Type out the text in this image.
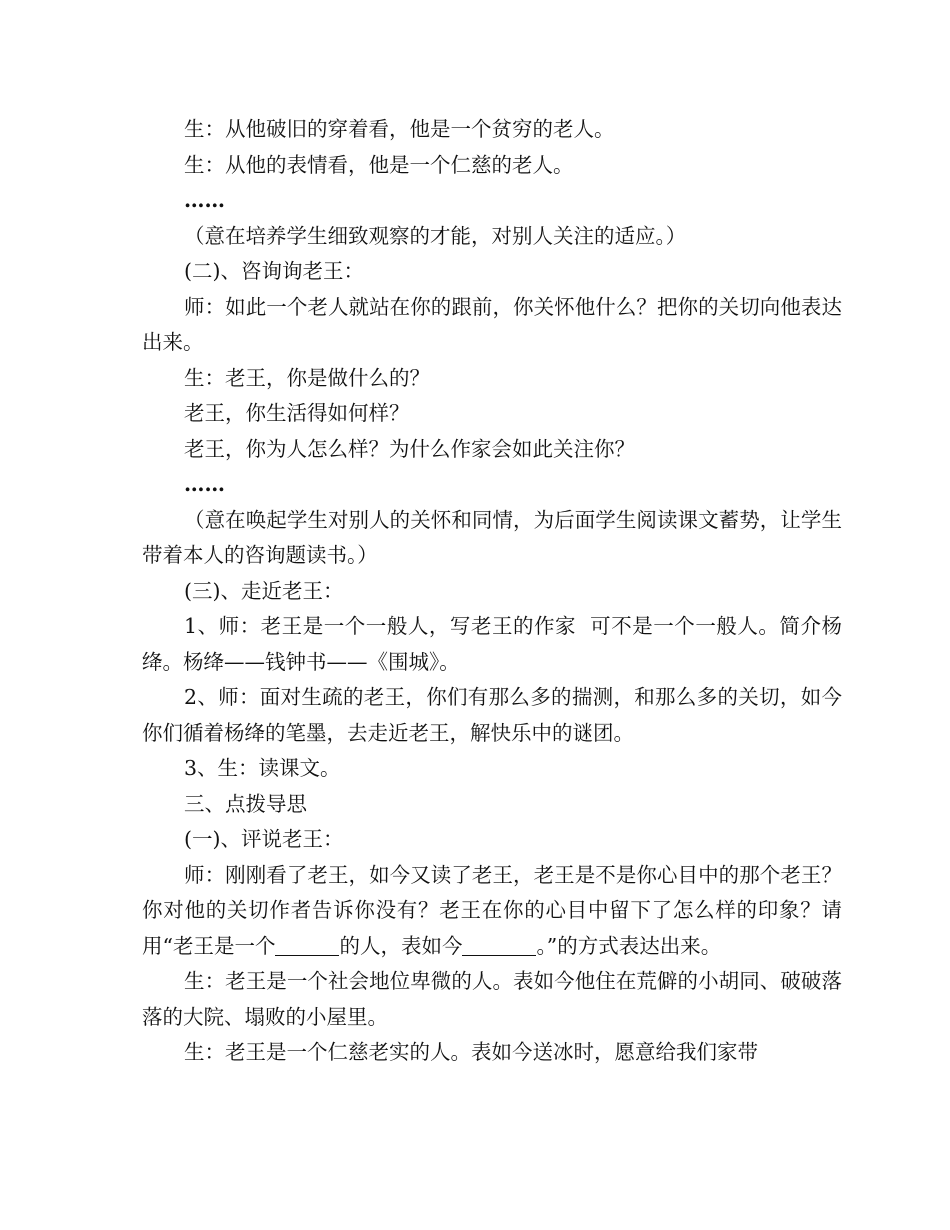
生：从他破旧的穿着看，他是一个贫穷的老人。

生：从他的表情看，他是一个仁慈的老人。

……

（意在培养学生细致观察的才能，对别人关注的适应。）

(二)、咨询询老王：

师：如此一个老人就站在你的跟前，你关怀他什么？把你的关切向他表达出来。

生：老王，你是做什么的？

老王，你生活得如何样？

老王，你为人怎么样？为什么作家会如此关注你？

……

（意在唤起学生对别人的关怀和同情，为后面学生阅读课文蓄势，让学生带着本人的咨询题读书。）

(三)、走近老王：

1、师：老王是一个一般人，写老王的作家  可不是一个一般人。简介杨绛。杨绛——钱钟书——《围城》。

2、师：面对生疏的老王，你们有那么多的揣测，和那么多的关切，如今你们循着杨绛的笔墨，去走近老王，解快乐中的谜团。

3、生：读课文。

三、点拨导思

(一)、评说老王：

师：刚刚看了老王，如今又读了老王，老王是不是你心目中的那个老王？你对他的关切作者告诉你没有？老王在你的心目中留下了怎么样的印象？请用“老王是一个	的人，表如今	。”的方式表达出来。

生：老王是一个社会地位卑微的人。表如今他住在荒僻的小胡同、破破落落的大院、塌败的小屋里。

生：老王是一个仁慈老实的人。表如今送冰时，愿意给我们家带
